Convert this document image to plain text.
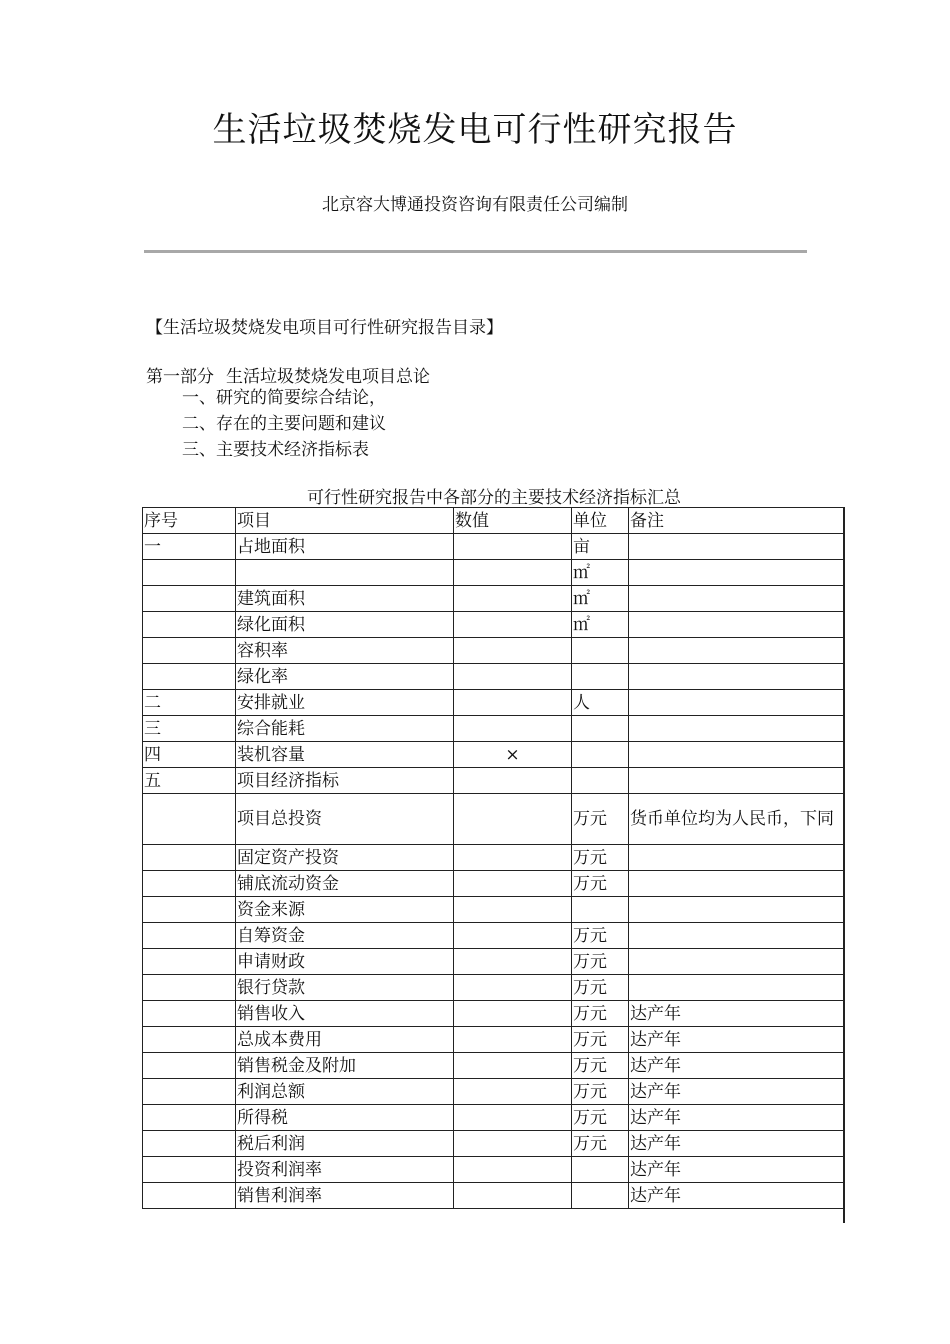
生活垃圾焚烧发电可行性研究报告
北京容大博通投资咨询有限责任公司编制
【生活垃圾焚烧发电项目可行性研究报告目录】
第一部分 生活垃圾焚烧发电项目总论
一、研究的简要综合结论，
二、存在的主要问题和建议
三、主要技术经济指标表
可行性研究报告中各部分的主要技术经济指标汇总
序号	项目	数值	单位	备注
一	占地面积		亩	
			㎡	
	建筑面积		㎡	
	绿化面积		㎡	
	容积率			
	绿化率			
二	安排就业		人	
三	综合能耗			
四	装机容量	×		
五	项目经济指标			
	项目总投资		万元	货币单位均为人民币，下同
	固定资产投资		万元	
	铺底流动资金		万元	
	资金来源			
	自筹资金		万元	
	申请财政		万元	
	银行贷款		万元	
	销售收入		万元	达产年
	总成本费用		万元	达产年
	销售税金及附加		万元	达产年
	利润总额		万元	达产年
	所得税		万元	达产年
	税后利润		万元	达产年
	投资利润率			达产年
	销售利润率			达产年
